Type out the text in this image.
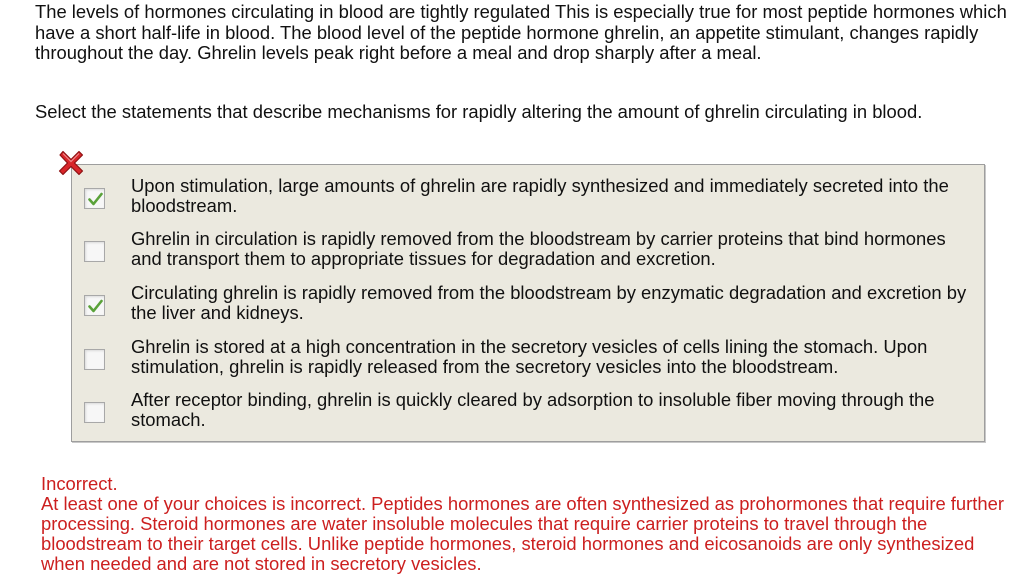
The levels of hormones circulating in blood are tightly regulated This is especially true for most peptide hormones which have a short half-life in blood. The blood level of the peptide hormone ghrelin, an appetite stimulant, changes rapidly throughout the day. Ghrelin levels peak right before a meal and drop sharply after a meal.

Select the statements that describe mechanisms for rapidly altering the amount of ghrelin circulating in blood.

Upon stimulation, large amounts of ghrelin are rapidly synthesized and immediately secreted into the bloodstream.
Ghrelin in circulation is rapidly removed from the bloodstream by carrier proteins that bind hormones and transport them to appropriate tissues for degradation and excretion.
Circulating ghrelin is rapidly removed from the bloodstream by enzymatic degradation and excretion by the liver and kidneys.
Ghrelin is stored at a high concentration in the secretory vesicles of cells lining the stomach. Upon stimulation, ghrelin is rapidly released from the secretory vesicles into the bloodstream.
After receptor binding, ghrelin is quickly cleared by adsorption to insoluble fiber moving through the stomach.

Incorrect.

At least one of your choices is incorrect. Peptides hormones are often synthesized as prohormones that require further processing. Steroid hormones are water insoluble molecules that require carrier proteins to travel through the bloodstream to their target cells. Unlike peptide hormones, steroid hormones and eicosanoids are only synthesized when needed and are not stored in secretory vesicles.
